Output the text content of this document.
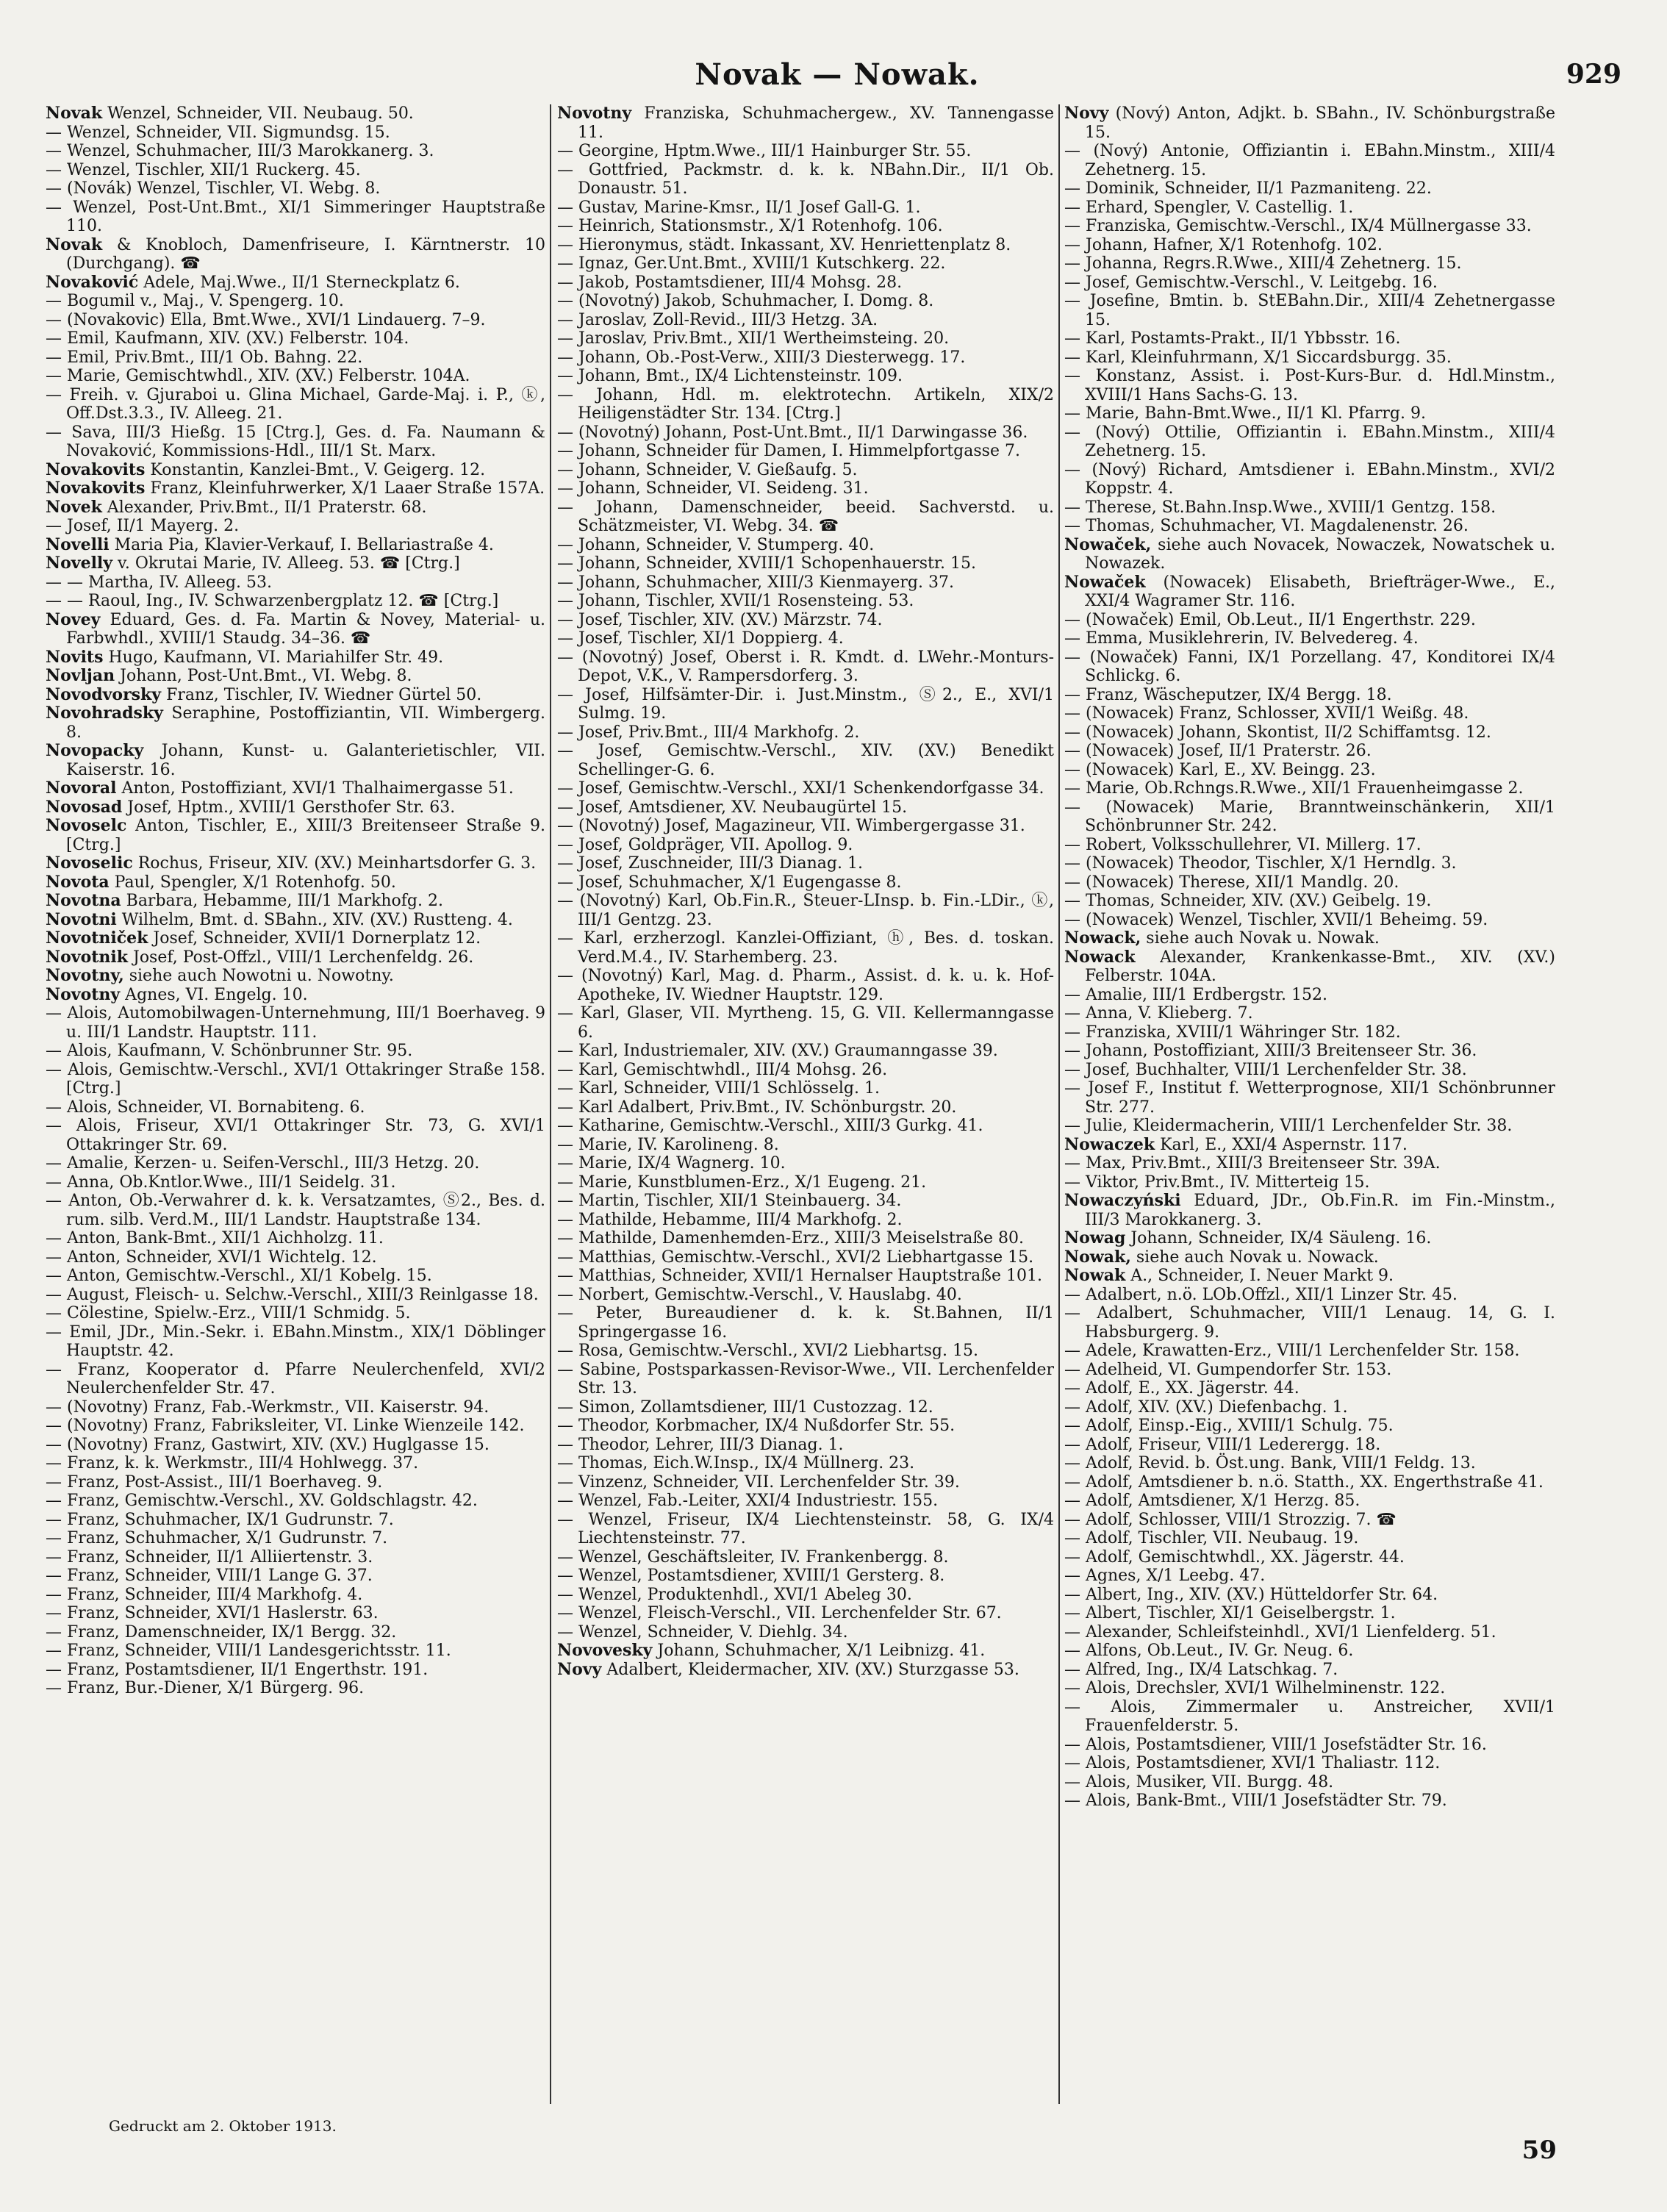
Novak — Nowak.	929

Novak Wenzel, Schneider, VII. Neubaug. 50.

— Wenzel, Schneider, VII. Sigmundsg. 15.

— Wenzel, Schuhmacher, III/3 Marokkanerg. 3.

— Wenzel, Tischler, XII/1 Ruckerg. 45.

— (Novák) Wenzel, Tischler, VI. Webg. 8.

— Wenzel, Post-Unt.Bmt., XI/1 Simmeringer Hauptstraße 110.

Novak & Knobloch, Damenfriseure, I. Kärntnerstr. 10 (Durchgang). ☎

Novaković Adele, Maj.Wwe., II/1 Sterneckplatz 6.

— Bogumil v., Maj., V. Spengerg. 10.

— (Novakovic) Ella, Bmt.Wwe., XVI/1 Lindauerg. 7–9.

— Emil, Kaufmann, XIV. (XV.) Felberstr. 104.

— Emil, Priv.Bmt., III/1 Ob. Bahng. 22.

— Marie, Gemischtwhdl., XIV. (XV.) Felberstr. 104A.

— Freih. v. Gjuraboi u. Glina Michael, Garde-Maj. i. P., ⓚ, Off.Dst.3.3., IV. Alleeg. 21.

— Sava, III/3 Hießg. 15 [Ctrg.], Ges. d. Fa. Naumann & Novaković, Kommissions-Hdl., III/1 St. Marx.

Novakovits Konstantin, Kanzlei-Bmt., V. Geigerg. 12.

Novakovits Franz, Kleinfuhrwerker, X/1 Laaer Straße 157A.

Novek Alexander, Priv.Bmt., II/1 Praterstr. 68.

— Josef, II/1 Mayerg. 2.

Novelli Maria Pia, Klavier-Verkauf, I. Bellariastraße 4.

Novelly v. Okrutai Marie, IV. Alleeg. 53. ☎ [Ctrg.]

— — Martha, IV. Alleeg. 53.

— — Raoul, Ing., IV. Schwarzenbergplatz 12. ☎ [Ctrg.]

Novey Eduard, Ges. d. Fa. Martin & Novey, Material- u. Farbwhdl., XVIII/1 Staudg. 34–36. ☎

Novits Hugo, Kaufmann, VI. Mariahilfer Str. 49.

Novljan Johann, Post-Unt.Bmt., VI. Webg. 8.

Novodvorsky Franz, Tischler, IV. Wiedner Gürtel 50.

Novohradsky Seraphine, Postoffiziantin, VII. Wimbergerg. 8.

Novopacky Johann, Kunst- u. Galanterietischler, VII. Kaiserstr. 16.

Novoral Anton, Postoffiziant, XVI/1 Thalhaimergasse 51.

Novosad Josef, Hptm., XVIII/1 Gersthofer Str. 63.

Novoselc Anton, Tischler, E., XIII/3 Breitenseer Straße 9. [Ctrg.]

Novoselic Rochus, Friseur, XIV. (XV.) Meinhartsdorfer G. 3.

Novota Paul, Spengler, X/1 Rotenhofg. 50.

Novotna Barbara, Hebamme, III/1 Markhofg. 2.

Novotni Wilhelm, Bmt. d. SBahn., XIV. (XV.) Rustteng. 4.

Novotniček Josef, Schneider, XVII/1 Dornerplatz 12.

Novotnik Josef, Post-Offzl., VIII/1 Lerchenfeldg. 26.

Novotny, siehe auch Nowotni u. Nowotny.

Novotny Agnes, VI. Engelg. 10.

— Alois, Automobilwagen-Unternehmung, III/1 Boerhaveg. 9 u. III/1 Landstr. Hauptstr. 111.

— Alois, Kaufmann, V. Schönbrunner Str. 95.

— Alois, Gemischtw.-Verschl., XVI/1 Ottakringer Straße 158. [Ctrg.]

— Alois, Schneider, VI. Bornabiteng. 6.

— Alois, Friseur, XVI/1 Ottakringer Str. 73, G. XVI/1 Ottakringer Str. 69.

— Amalie, Kerzen- u. Seifen-Verschl., III/3 Hetzg. 20.

— Anna, Ob.Kntlor.Wwe., III/1 Seidelg. 31.

— Anton, Ob.-Verwahrer d. k. k. Versatzamtes, Ⓢ2., Bes. d. rum. silb. Verd.M., III/1 Landstr. Hauptstraße 134.

— Anton, Bank-Bmt., XII/1 Aichholzg. 11.

— Anton, Schneider, XVI/1 Wichtelg. 12.

— Anton, Gemischtw.-Verschl., XI/1 Kobelg. 15.

— August, Fleisch- u. Selchw.-Verschl., XIII/3 Reinlgasse 18.

— Cölestine, Spielw.-Erz., VIII/1 Schmidg. 5.

— Emil, JDr., Min.-Sekr. i. EBahn.Minstm., XIX/1 Döblinger Hauptstr. 42.

— Franz, Kooperator d. Pfarre Neulerchenfeld, XVI/2 Neulerchenfelder Str. 47.

— (Novotny) Franz, Fab.-Werkmstr., VII. Kaiserstr. 94.

— (Novotny) Franz, Fabriksleiter, VI. Linke Wienzeile 142.

— (Novotny) Franz, Gastwirt, XIV. (XV.) Huglgasse 15.

— Franz, k. k. Werkmstr., III/4 Hohlwegg. 37.

— Franz, Post-Assist., III/1 Boerhaveg. 9.

— Franz, Gemischtw.-Verschl., XV. Goldschlagstr. 42.

— Franz, Schuhmacher, IX/1 Gudrunstr. 7.

— Franz, Schuhmacher, X/1 Gudrunstr. 7.

— Franz, Schneider, II/1 Alliiertenstr. 3.

— Franz, Schneider, VIII/1 Lange G. 37.

— Franz, Schneider, III/4 Markhofg. 4.

— Franz, Schneider, XVI/1 Haslerstr. 63.

— Franz, Damenschneider, IX/1 Bergg. 32.

— Franz, Schneider, VIII/1 Landesgerichtsstr. 11.

— Franz, Postamtsdiener, II/1 Engerthstr. 191.

— Franz, Bur.-Diener, X/1 Bürgerg. 96.

Novotny Franziska, Schuhmachergew., XV. Tannengasse 11.

— Georgine, Hptm.Wwe., III/1 Hainburger Str. 55.

— Gottfried, Packmstr. d. k. k. NBahn.Dir., II/1 Ob. Donaustr. 51.

— Gustav, Marine-Kmsr., II/1 Josef Gall-G. 1.

— Heinrich, Stationsmstr., X/1 Rotenhofg. 106.

— Hieronymus, städt. Inkassant, XV. Henriettenplatz 8.

— Ignaz, Ger.Unt.Bmt., XVIII/1 Kutschkerg. 22.

— Jakob, Postamtsdiener, III/4 Mohsg. 28.

— (Novotný) Jakob, Schuhmacher, I. Domg. 8.

— Jaroslav, Zoll-Revid., III/3 Hetzg. 3A.

— Jaroslav, Priv.Bmt., XII/1 Wertheimsteing. 20.

— Johann, Ob.-Post-Verw., XIII/3 Diesterwegg. 17.

— Johann, Bmt., IX/4 Lichtensteinstr. 109.

— Johann, Hdl. m. elektrotechn. Artikeln, XIX/2 Heiligenstädter Str. 134. [Ctrg.]

— (Novotný) Johann, Post-Unt.Bmt., II/1 Darwingasse 36.

— Johann, Schneider für Damen, I. Himmelpfortgasse 7.

— Johann, Schneider, V. Gießaufg. 5.

— Johann, Schneider, VI. Seideng. 31.

— Johann, Damenschneider, beeid. Sachverstd. u. Schätzmeister, VI. Webg. 34. ☎

— Johann, Schneider, V. Stumperg. 40.

— Johann, Schneider, XVIII/1 Schopenhauerstr. 15.

— Johann, Schuhmacher, XIII/3 Kienmayerg. 37.

— Johann, Tischler, XVII/1 Rosensteing. 53.

— Josef, Tischler, XIV. (XV.) Märzstr. 74.

— Josef, Tischler, XI/1 Doppierg. 4.

— (Novotný) Josef, Oberst i. R. Kmdt. d. LWehr.-Monturs-Depot, V.K., V. Rampersdorferg. 3.

— Josef, Hilfsämter-Dir. i. Just.Minstm., Ⓢ2., E., XVI/1 Sulmg. 19.

— Josef, Priv.Bmt., III/4 Markhofg. 2.

— Josef, Gemischtw.-Verschl., XIV. (XV.) Benedikt Schellinger-G. 6.

— Josef, Gemischtw.-Verschl., XXI/1 Schenkendorfgasse 34.

— Josef, Amtsdiener, XV. Neubaugürtel 15.

— (Novotný) Josef, Magazineur, VII. Wimbergergasse 31.

— Josef, Goldpräger, VII. Apollog. 9.

— Josef, Zuschneider, III/3 Dianag. 1.

— Josef, Schuhmacher, X/1 Eugengasse 8.

— (Novotný) Karl, Ob.Fin.R., Steuer-LInsp. b. Fin.-LDir., ⓚ, III/1 Gentzg. 23.

— Karl, erzherzogl. Kanzlei-Offiziant, ⓗ, Bes. d. toskan. Verd.M.4., IV. Starhemberg. 23.

— (Novotný) Karl, Mag. d. Pharm., Assist. d. k. u. k. Hof-Apotheke, IV. Wiedner Hauptstr. 129.

— Karl, Glaser, VII. Myrtheng. 15, G. VII. Kellermanngasse 6.

— Karl, Industriemaler, XIV. (XV.) Graumanngasse 39.

— Karl, Gemischtwhdl., III/4 Mohsg. 26.

— Karl, Schneider, VIII/1 Schlösselg. 1.

— Karl Adalbert, Priv.Bmt., IV. Schönburgstr. 20.

— Katharine, Gemischtw.-Verschl., XIII/3 Gurkg. 41.

— Marie, IV. Karolineng. 8.

— Marie, IX/4 Wagnerg. 10.

— Marie, Kunstblumen-Erz., X/1 Eugeng. 21.

— Martin, Tischler, XII/1 Steinbauerg. 34.

— Mathilde, Hebamme, III/4 Markhofg. 2.

— Mathilde, Damenhemden-Erz., XIII/3 Meiselstraße 80.

— Matthias, Gemischtw.-Verschl., XVI/2 Liebhartgasse 15.

— Matthias, Schneider, XVII/1 Hernalser Hauptstraße 101.

— Norbert, Gemischtw.-Verschl., V. Hauslabg. 40.

— Peter, Bureaudiener d. k. k. St.Bahnen, II/1 Springergasse 16.

— Rosa, Gemischtw.-Verschl., XVI/2 Liebhartsg. 15.

— Sabine, Postsparkassen-Revisor-Wwe., VII. Lerchenfelder Str. 13.

— Simon, Zollamtsdiener, III/1 Custozzag. 12.

— Theodor, Korbmacher, IX/4 Nußdorfer Str. 55.

— Theodor, Lehrer, III/3 Dianag. 1.

— Thomas, Eich.W.Insp., IX/4 Müllnerg. 23.

— Vinzenz, Schneider, VII. Lerchenfelder Str. 39.

— Wenzel, Fab.-Leiter, XXI/4 Industriestr. 155.

— Wenzel, Friseur, IX/4 Liechtensteinstr. 58, G. IX/4 Liechtensteinstr. 77.

— Wenzel, Geschäftsleiter, IV. Frankenbergg. 8.

— Wenzel, Postamtsdiener, XVIII/1 Gersterg. 8.

— Wenzel, Produktenhdl., XVI/1 Abeleg 30.

— Wenzel, Fleisch-Verschl., VII. Lerchenfelder Str. 67.

— Wenzel, Schneider, V. Diehlg. 34.

Novovesky Johann, Schuhmacher, X/1 Leibnizg. 41.

Novy Adalbert, Kleidermacher, XIV. (XV.) Sturzgasse 53.

Novy (Nový) Anton, Adjkt. b. SBahn., IV. Schönburgstraße 15.

— (Nový) Antonie, Offiziantin i. EBahn.Minstm., XIII/4 Zehetnerg. 15.

— Dominik, Schneider, II/1 Pazmaniteng. 22.

— Erhard, Spengler, V. Castellig. 1.

— Franziska, Gemischtw.-Verschl., IX/4 Müllnergasse 33.

— Johann, Hafner, X/1 Rotenhofg. 102.

— Johanna, Regrs.R.Wwe., XIII/4 Zehetnerg. 15.

— Josef, Gemischtw.-Verschl., V. Leitgebg. 16.

— Josefine, Bmtin. b. StEBahn.Dir., XIII/4 Zehetnergasse 15.

— Karl, Postamts-Prakt., II/1 Ybbsstr. 16.

— Karl, Kleinfuhrmann, X/1 Siccardsburgg. 35.

— Konstanz, Assist. i. Post-Kurs-Bur. d. Hdl.Minstm., XVIII/1 Hans Sachs-G. 13.

— Marie, Bahn-Bmt.Wwe., II/1 Kl. Pfarrg. 9.

— (Nový) Ottilie, Offiziantin i. EBahn.Minstm., XIII/4 Zehetnerg. 15.

— (Nový) Richard, Amtsdiener i. EBahn.Minstm., XVI/2 Koppstr. 4.

— Therese, St.Bahn.Insp.Wwe., XVIII/1 Gentzg. 158.

— Thomas, Schuhmacher, VI. Magdalenenstr. 26.

Nowaček, siehe auch Novacek, Nowaczek, Nowatschek u. Nowazek.

Nowaček (Nowacek) Elisabeth, Briefträger-Wwe., E., XXI/4 Wagramer Str. 116.

— (Nowaček) Emil, Ob.Leut., II/1 Engerthstr. 229.

— Emma, Musiklehrerin, IV. Belvedereg. 4.

— (Nowaček) Fanni, IX/1 Porzellang. 47, Konditorei IX/4 Schlickg. 6.

— Franz, Wäscheputzer, IX/4 Bergg. 18.

— (Nowacek) Franz, Schlosser, XVII/1 Weißg. 48.

— (Nowacek) Johann, Skontist, II/2 Schiffamtsg. 12.

— (Nowacek) Josef, II/1 Praterstr. 26.

— (Nowacek) Karl, E., XV. Beingg. 23.

— Marie, Ob.Rchngs.R.Wwe., XII/1 Frauenheimgasse 2.

— (Nowacek) Marie, Branntweinschänkerin, XII/1 Schönbrunner Str. 242.

— Robert, Volksschullehrer, VI. Millerg. 17.

— (Nowacek) Theodor, Tischler, X/1 Herndlg. 3.

— (Nowacek) Therese, XII/1 Mandlg. 20.

— Thomas, Schneider, XIV. (XV.) Geibelg. 19.

— (Nowacek) Wenzel, Tischler, XVII/1 Beheimg. 59.

Nowack, siehe auch Novak u. Nowak.

Nowack Alexander, Krankenkasse-Bmt., XIV. (XV.) Felberstr. 104A.

— Amalie, III/1 Erdbergstr. 152.

— Anna, V. Klieberg. 7.

— Franziska, XVIII/1 Währinger Str. 182.

— Johann, Postoffiziant, XIII/3 Breitenseer Str. 36.

— Josef, Buchhalter, VIII/1 Lerchenfelder Str. 38.

— Josef F., Institut f. Wetterprognose, XII/1 Schönbrunner Str. 277.

— Julie, Kleidermacherin, VIII/1 Lerchenfelder Str. 38.

Nowaczek Karl, E., XXI/4 Aspernstr. 117.

— Max, Priv.Bmt., XIII/3 Breitenseer Str. 39A.

— Viktor, Priv.Bmt., IV. Mitterteig 15.

Nowaczyński Eduard, JDr., Ob.Fin.R. im Fin.-Minstm., III/3 Marokkanerg. 3.

Nowag Johann, Schneider, IX/4 Säuleng. 16.

Nowak, siehe auch Novak u. Nowack.

Nowak A., Schneider, I. Neuer Markt 9.

— Adalbert, n.ö. LOb.Offzl., XII/1 Linzer Str. 45.

— Adalbert, Schuhmacher, VIII/1 Lenaug. 14, G. I. Habsburgerg. 9.

— Adele, Krawatten-Erz., VIII/1 Lerchenfelder Str. 158.

— Adelheid, VI. Gumpendorfer Str. 153.

— Adolf, E., XX. Jägerstr. 44.

— Adolf, XIV. (XV.) Diefenbachg. 1.

— Adolf, Einsp.-Eig., XVIII/1 Schulg. 75.

— Adolf, Friseur, VIII/1 Lederergg. 18.

— Adolf, Revid. b. Öst.ung. Bank, VIII/1 Feldg. 13.

— Adolf, Amtsdiener b. n.ö. Statth., XX. Engerthstraße 41.

— Adolf, Amtsdiener, X/1 Herzg. 85.

— Adolf, Schlosser, VIII/1 Strozzig. 7. ☎

— Adolf, Tischler, VII. Neubaug. 19.

— Adolf, Gemischtwhdl., XX. Jägerstr. 44.

— Agnes, X/1 Leebg. 47.

— Albert, Ing., XIV. (XV.) Hütteldorfer Str. 64.

— Albert, Tischler, XI/1 Geiselbergstr. 1.

— Alexander, Schleifsteinhdl., XVI/1 Lienfelderg. 51.

— Alfons, Ob.Leut., IV. Gr. Neug. 6.

— Alfred, Ing., IX/4 Latschkag. 7.

— Alois, Drechsler, XVI/1 Wilhelminenstr. 122.

— Alois, Zimmermaler u. Anstreicher, XVII/1 Frauenfelderstr. 5.

— Alois, Postamtsdiener, VIII/1 Josefstädter Str. 16.

— Alois, Postamtsdiener, XVI/1 Thaliastr. 112.

— Alois, Musiker, VII. Burgg. 48.

— Alois, Bank-Bmt., VIII/1 Josefstädter Str. 79.

Gedruckt am 2. Oktober 1913.
59
